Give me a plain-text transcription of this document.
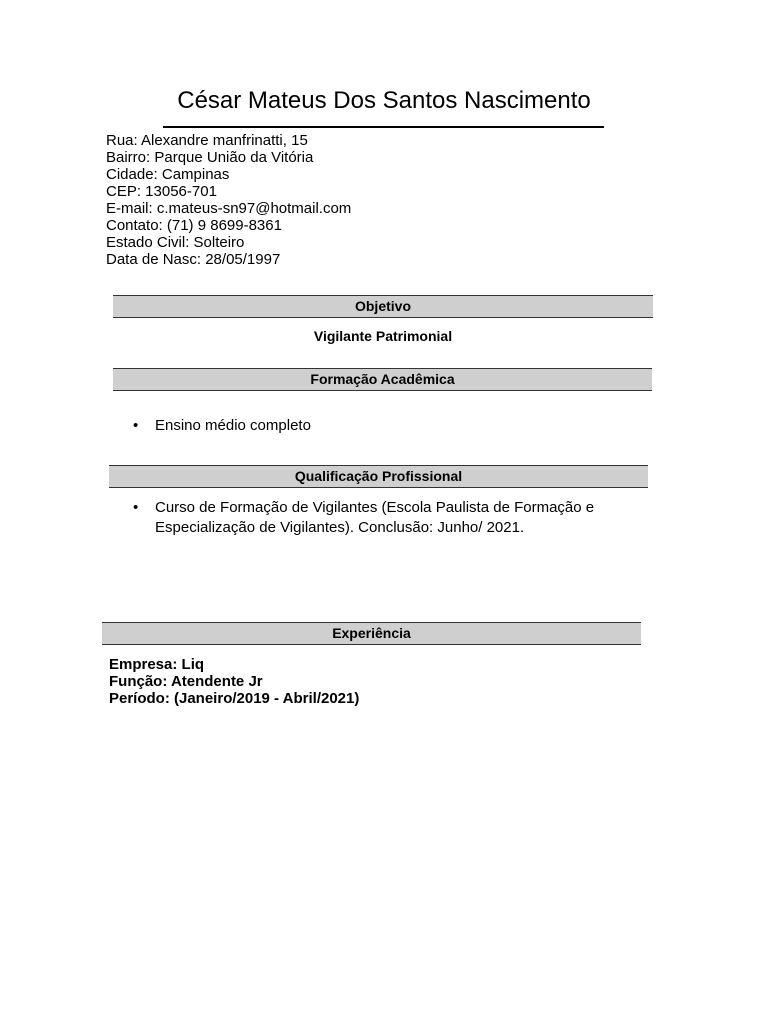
César Mateus Dos Santos Nascimento
Rua: Alexandre manfrinatti, 15
Bairro: Parque União da Vitória
Cidade: Campinas
CEP: 13056-701
E-mail: c.mateus-sn97@hotmail.com
Contato: (71) 9 8699-8361
Estado Civil: Solteiro
Data de Nasc: 28/05/1997
Objetivo
Vigilante Patrimonial
Formação Acadêmica
• Ensino médio completo
Qualificação Profissional
• Curso de Formação de Vigilantes (Escola Paulista de Formação e Especialização de Vigilantes). Conclusão: Junho/ 2021.
Experiência
Empresa: Liq
Função: Atendente Jr
Período: (Janeiro/2019 - Abril/2021)
